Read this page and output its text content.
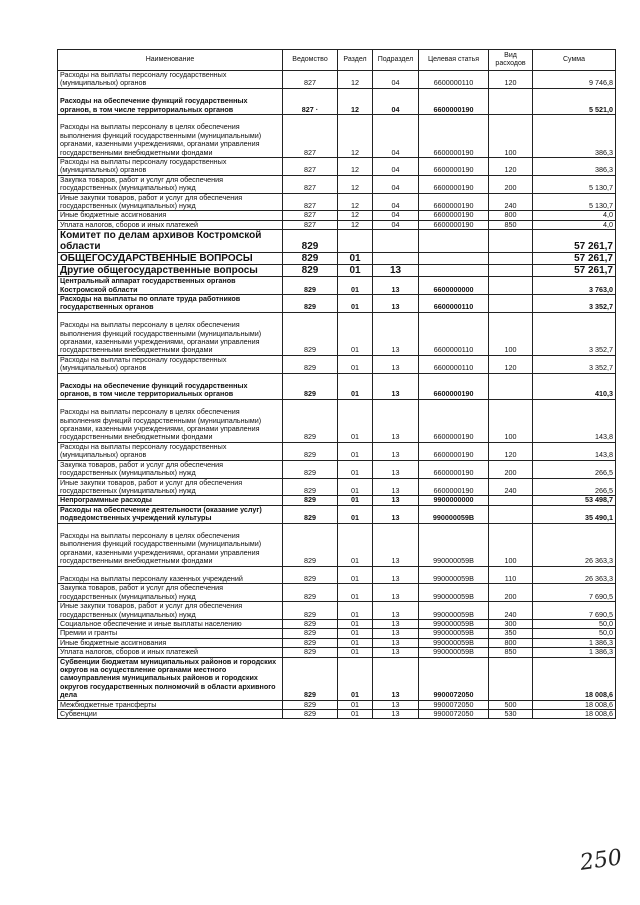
Наименование	Ведомство	Раздел	Подраздел	Целевая статья	Вид расходов	Сумма
Расходы на выплаты персоналу государственных (муниципальных) органов	827	12	04	6600000110	120	9 746,8
Расходы на обеспечение функций государственных органов, в том числе территориальных органов	827 ·	12	04	6600000190		5 521,0
Расходы на выплаты персоналу в целях обеспечения выполнения функций государственными (муниципальными) органами, казенными учреждениями, органами управления государственными внебюджетными фондами	827	12	04	6600000190	100	386,3
Расходы на выплаты персоналу государственных (муниципальных) органов	827	12	04	6600000190	120	386,3
Закупка товаров, работ и услуг для обеспечения государственных (муниципальных) нужд	827	12	04	6600000190	200	5 130,7
Иные закупки товаров, работ и услуг для обеспечения государственных (муниципальных) нужд	827	12	04	6600000190	240	5 130,7
Иные бюджетные ассигнования	827	12	04	6600000190	800	4,0
Уплата налогов, сборов и иных платежей	827	12	04	6600000190	850	4,0
Комитет по делам архивов Костромской области	829					57 261,7
ОБЩЕГОСУДАРСТВЕННЫЕ ВОПРОСЫ	829	01				57 261,7
Другие общегосударственные вопросы	829	01	13			57 261,7
Центральный аппарат государственных органов Костромской области	829	01	13	6600000000		3 763,0
Расходы на выплаты по оплате труда работников государственных органов	829	01	13	6600000110		3 352,7
Расходы на выплаты персоналу в целях обеспечения выполнения функций государственными (муниципальными) органами, казенными учреждениями, органами управления государственными внебюджетными фондами	829	01	13	6600000110	100	3 352,7
Расходы на выплаты персоналу государственных (муниципальных) органов	829	01	13	6600000110	120	3 352,7
Расходы на обеспечение функций государственных органов, в том числе территориальных органов	829	01	13	6600000190		410,3
Расходы на выплаты персоналу в целях обеспечения выполнения функций государственными (муниципальными) органами, казенными учреждениями, органами управления государственными внебюджетными фондами	829	01	13	6600000190	100	143,8
Расходы на выплаты персоналу государственных (муниципальных) органов	829	01	13	6600000190	120	143,8
Закупка товаров, работ и услуг для обеспечения государственных (муниципальных) нужд	829	01	13	6600000190	200	266,5
Иные закупки товаров, работ и услуг для обеспечения государственных (муниципальных) нужд	829	01	13	6600000190	240	266,5
Непрограммные расходы	829	01	13	9900000000		53 498,7
Расходы на обеспечение деятельности (оказание услуг) подведомственных учреждений культуры	829	01	13	990000059В		35 490,1
Расходы на выплаты персоналу в целях обеспечения выполнения функций государственными (муниципальными) органами, казенными учреждениями, органами управления государственными внебюджетными фондами	829	01	13	990000059В	100	26 363,3
Расходы на выплаты персоналу казенных учреждений	829	01	13	990000059В	110	26 363,3
Закупка товаров, работ и услуг для обеспечения государственных (муниципальных) нужд	829	01	13	990000059В	200	7 690,5
Иные закупки товаров, работ и услуг для обеспечения государственных (муниципальных) нужд	829	01	13	990000059В	240	7 690,5
Социальное обеспечение и иные выплаты населению	829	01	13	990000059В	300	50,0
Премии и гранты	829	01	13	990000059В	350	50,0
Иные бюджетные ассигнования	829	01	13	990000059В	800	1 386,3
Уплата налогов, сборов и иных платежей	829	01	13	990000059В	850	1 386,3
Субвенции бюджетам муниципальных районов и городских округов на осуществление органами местного самоуправления муниципальных районов и городских округов государственных полномочий в области архивного дела	829	01	13	9900072050		18 008,6
Межбюджетные трансферты	829	01	13	9900072050	500	18 008,6
Субвенции	829	01	13	9900072050	530	18 008,6
250
